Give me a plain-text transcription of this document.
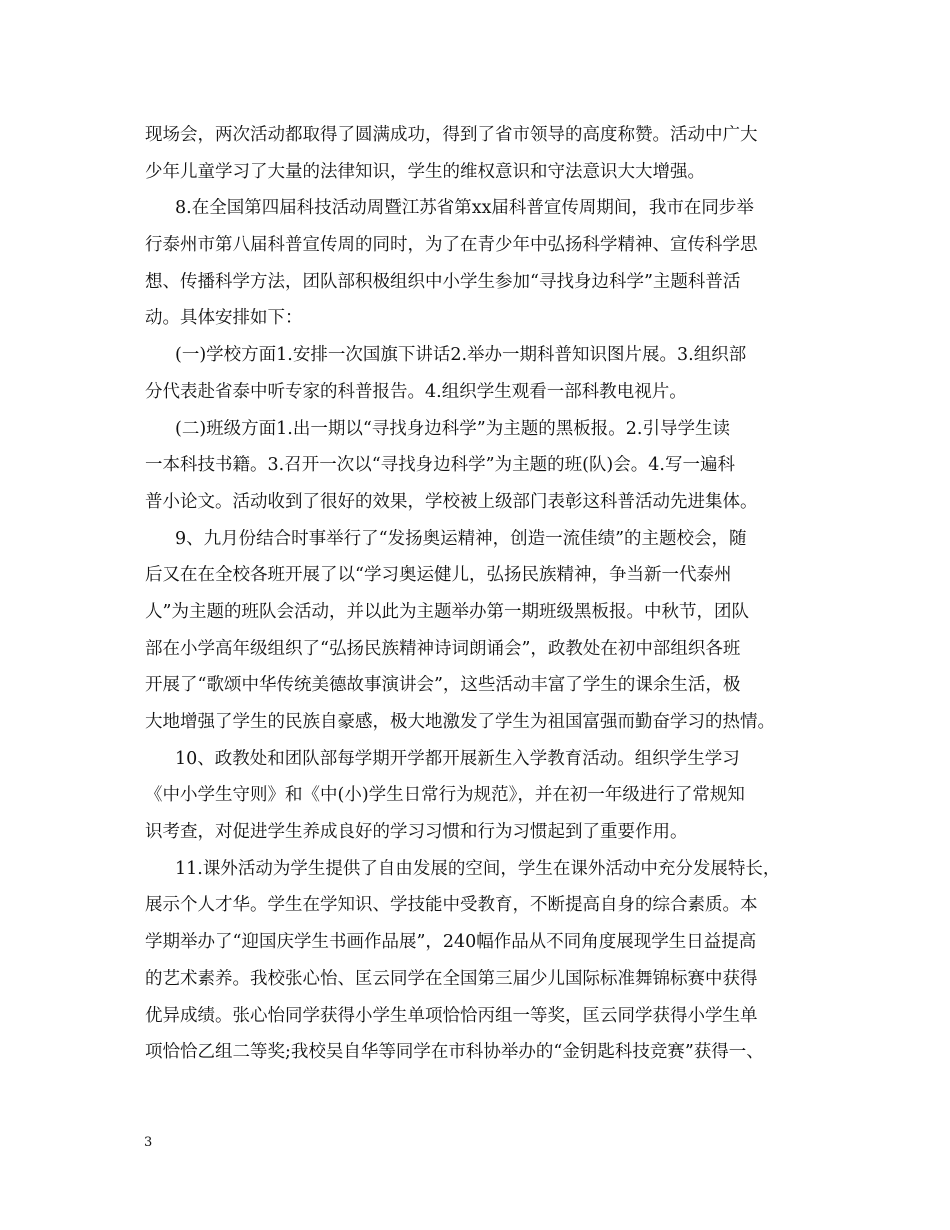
现场会，两次活动都取得了圆满成功，得到了省市领导的高度称赞。活动中广大
少年儿童学习了大量的法律知识，学生的维权意识和守法意识大大增强。
8.在全国第四届科技活动周暨江苏省第xx届科普宣传周期间，我市在同步举
行泰州市第八届科普宣传周的同时，为了在青少年中弘扬科学精神、宣传科学思
想、传播科学方法，团队部积极组织中小学生参加“寻找身边科学”主题科普活
动。具体安排如下：
(一)学校方面1.安排一次国旗下讲话2.举办一期科普知识图片展。3.组织部
分代表赴省泰中听专家的科普报告。4.组织学生观看一部科教电视片。
(二)班级方面1.出一期以“寻找身边科学”为主题的黑板报。2.引导学生读
一本科技书籍。3.召开一次以“寻找身边科学”为主题的班(队)会。4.写一遍科
普小论文。活动收到了很好的效果，学校被上级部门表彰这科普活动先进集体。
9、九月份结合时事举行了“发扬奥运精神，创造一流佳绩”的主题校会，随
后又在在全校各班开展了以“学习奥运健儿，弘扬民族精神，争当新一代泰州
人”为主题的班队会活动，并以此为主题举办第一期班级黑板报。中秋节，团队
部在小学高年级组织了“弘扬民族精神诗词朗诵会”，政教处在初中部组织各班
开展了“歌颂中华传统美德故事演讲会”，这些活动丰富了学生的课余生活，极
大地增强了学生的民族自豪感，极大地激发了学生为祖国富强而勤奋学习的热情。
10、政教处和团队部每学期开学都开展新生入学教育活动。组织学生学习
《中小学生守则》和《中(小)学生日常行为规范》，并在初一年级进行了常规知
识考查，对促进学生养成良好的学习习惯和行为习惯起到了重要作用。
11.课外活动为学生提供了自由发展的空间，学生在课外活动中充分发展特长，
展示个人才华。学生在学知识、学技能中受教育，不断提高自身的综合素质。本
学期举办了“迎国庆学生书画作品展”，240幅作品从不同角度展现学生日益提高
的艺术素养。我校张心怡、匡云同学在全国第三届少儿国际标准舞锦标赛中获得
优异成绩。张心怡同学获得小学生单项恰恰丙组一等奖，匡云同学获得小学生单
项恰恰乙组二等奖;我校吴自华等同学在市科协举办的“金钥匙科技竞赛”获得一、
3
